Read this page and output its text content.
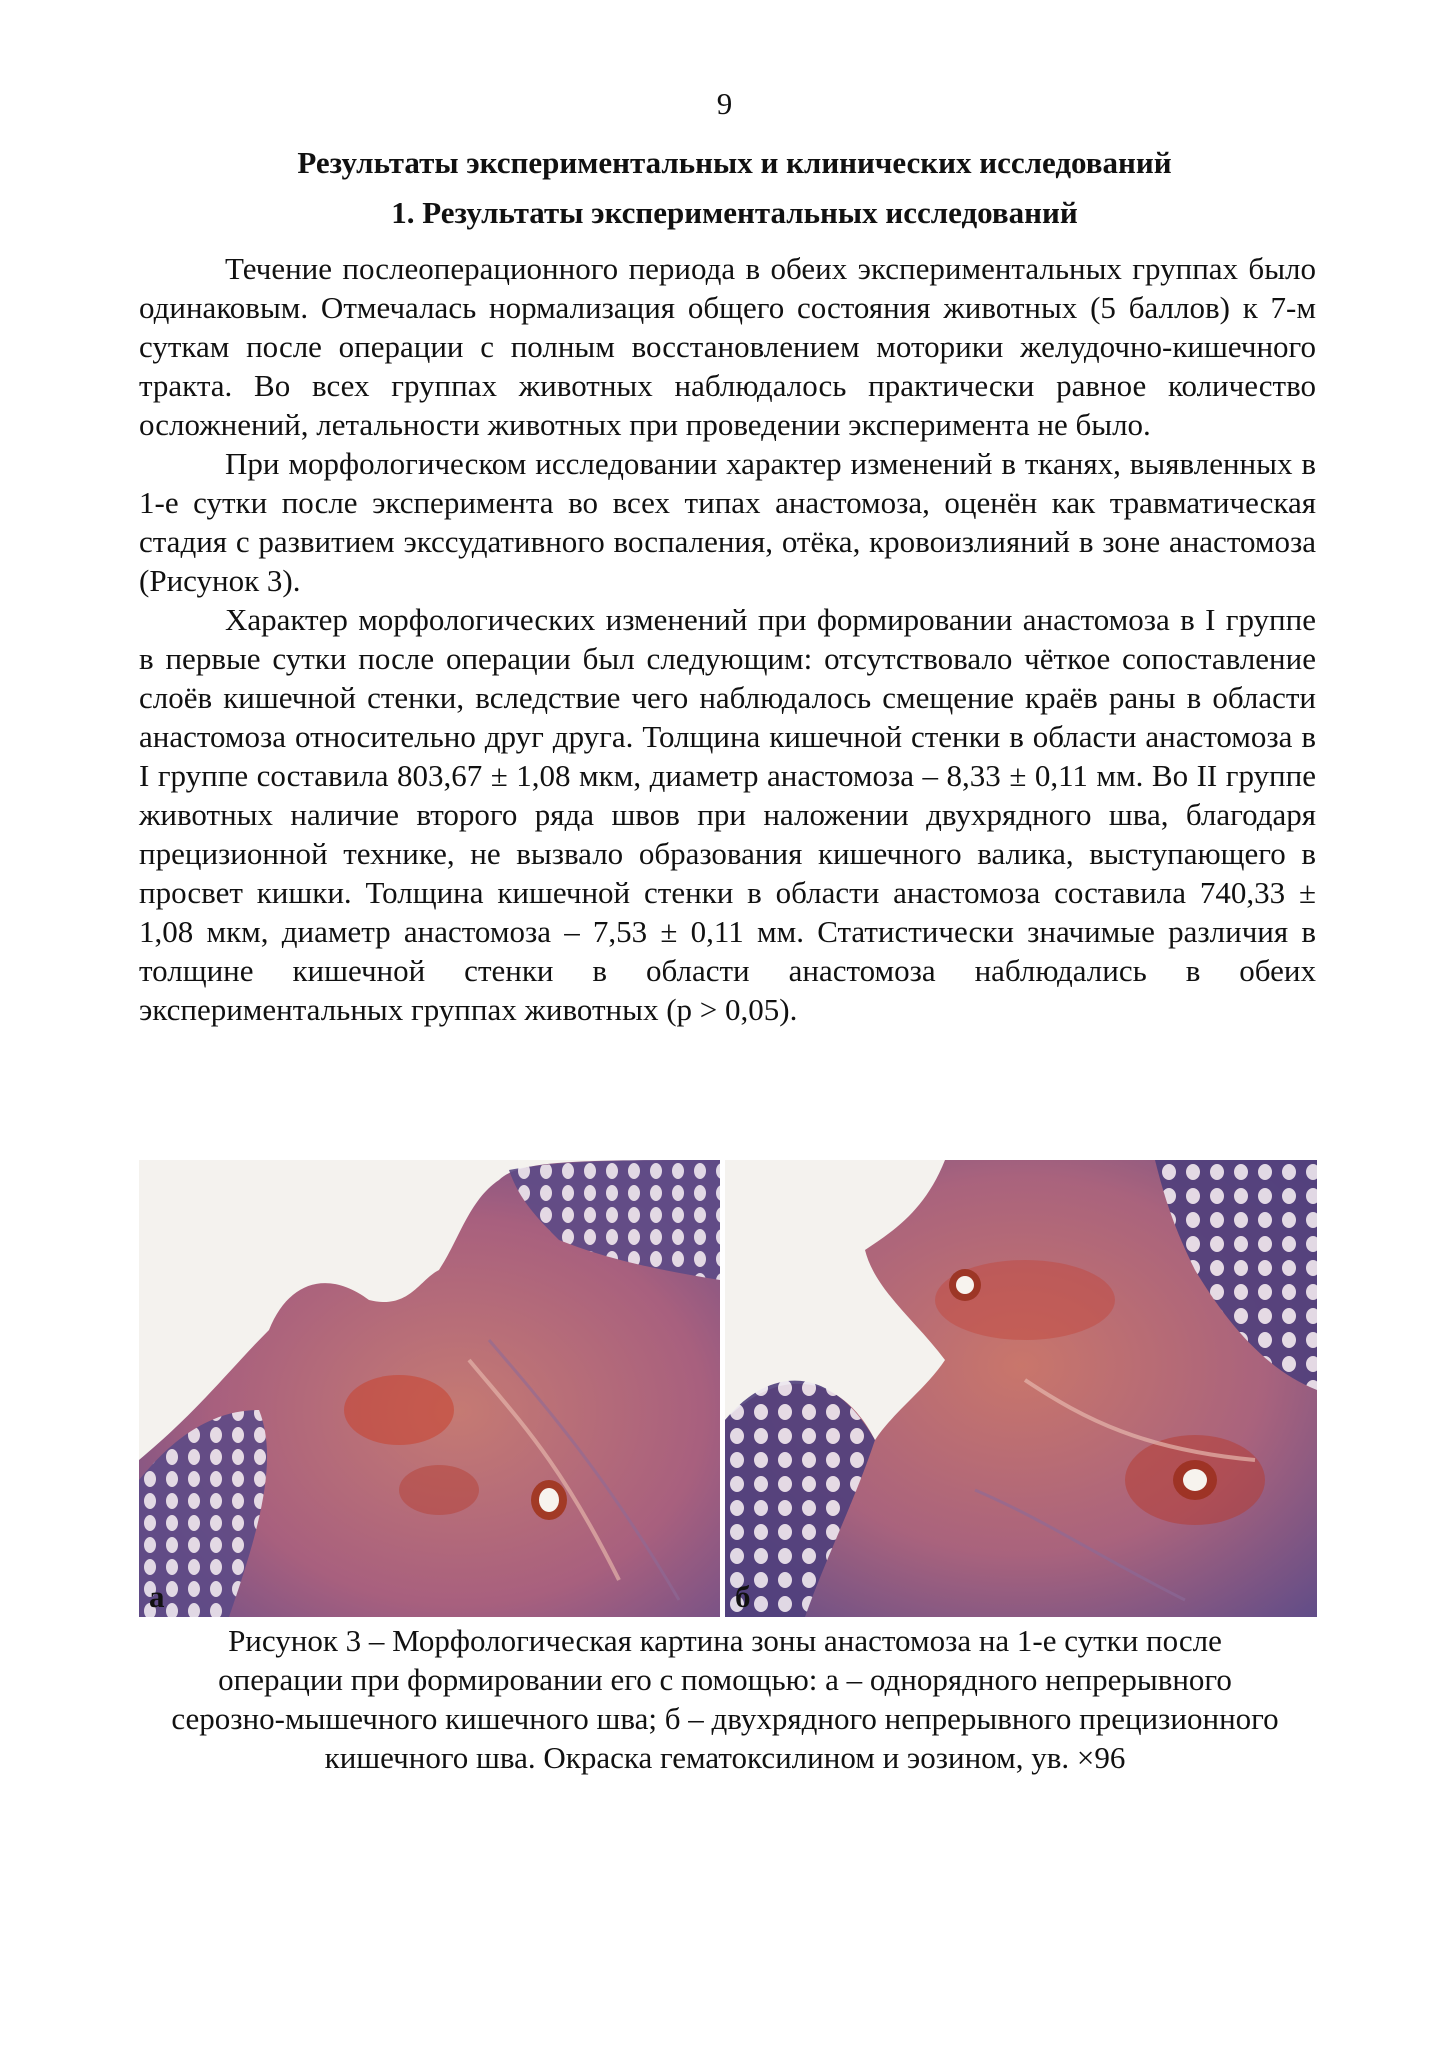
9
Результаты экспериментальных и клинических исследований
1. Результаты экспериментальных исследований

Течение послеоперационного периода в обеих экспериментальных группах было одинаковым. Отмечалась нормализация общего состояния животных (5 баллов) к 7-м суткам после операции с полным восстановлением моторики желудочно-кишечного тракта. Во всех группах животных наблюдалось практически равное количество осложнений, летальности животных при проведении эксперимента не было.

При морфологическом исследовании характер изменений в тканях, выявленных в 1-е сутки после эксперимента во всех типах анастомоза, оценён как травматическая стадия с развитием экссудативного воспаления, отёка, кровоизлияний в зоне анастомоза (Рисунок 3).

Характер морфологических изменений при формировании анастомоза в I группе в первые сутки после операции был следующим: отсутствовало чёткое сопоставление слоёв кишечной стенки, вследствие чего наблюдалось смещение краёв раны в области анастомоза относительно друг друга. Толщина кишечной стенки в области анастомоза в I группе составила 803,67 ± 1,08 мкм, диаметр анастомоза – 8,33 ± 0,11 мм. Во II группе животных наличие второго ряда швов при наложении двухрядного шва, благодаря прецизионной технике, не вызвало образования кишечного валика, выступающего в просвет кишки. Толщина кишечной стенки в области анастомоза составила 740,33 ± 1,08 мкм, диаметр анастомоза – 7,53 ± 0,11 мм. Статистически значимые различия в толщине кишечной стенки в области анастомоза наблюдались в обеих экспериментальных группах животных (p > 0,05).

а	б
Рисунок 3 – Морфологическая картина зоны анастомоза на 1-е сутки после операции при формировании его с помощью: а – однорядного непрерывного серозно-мышечного кишечного шва; б – двухрядного непрерывного прецизионного кишечного шва. Окраска гематоксилином и эозином, ув. ×96
